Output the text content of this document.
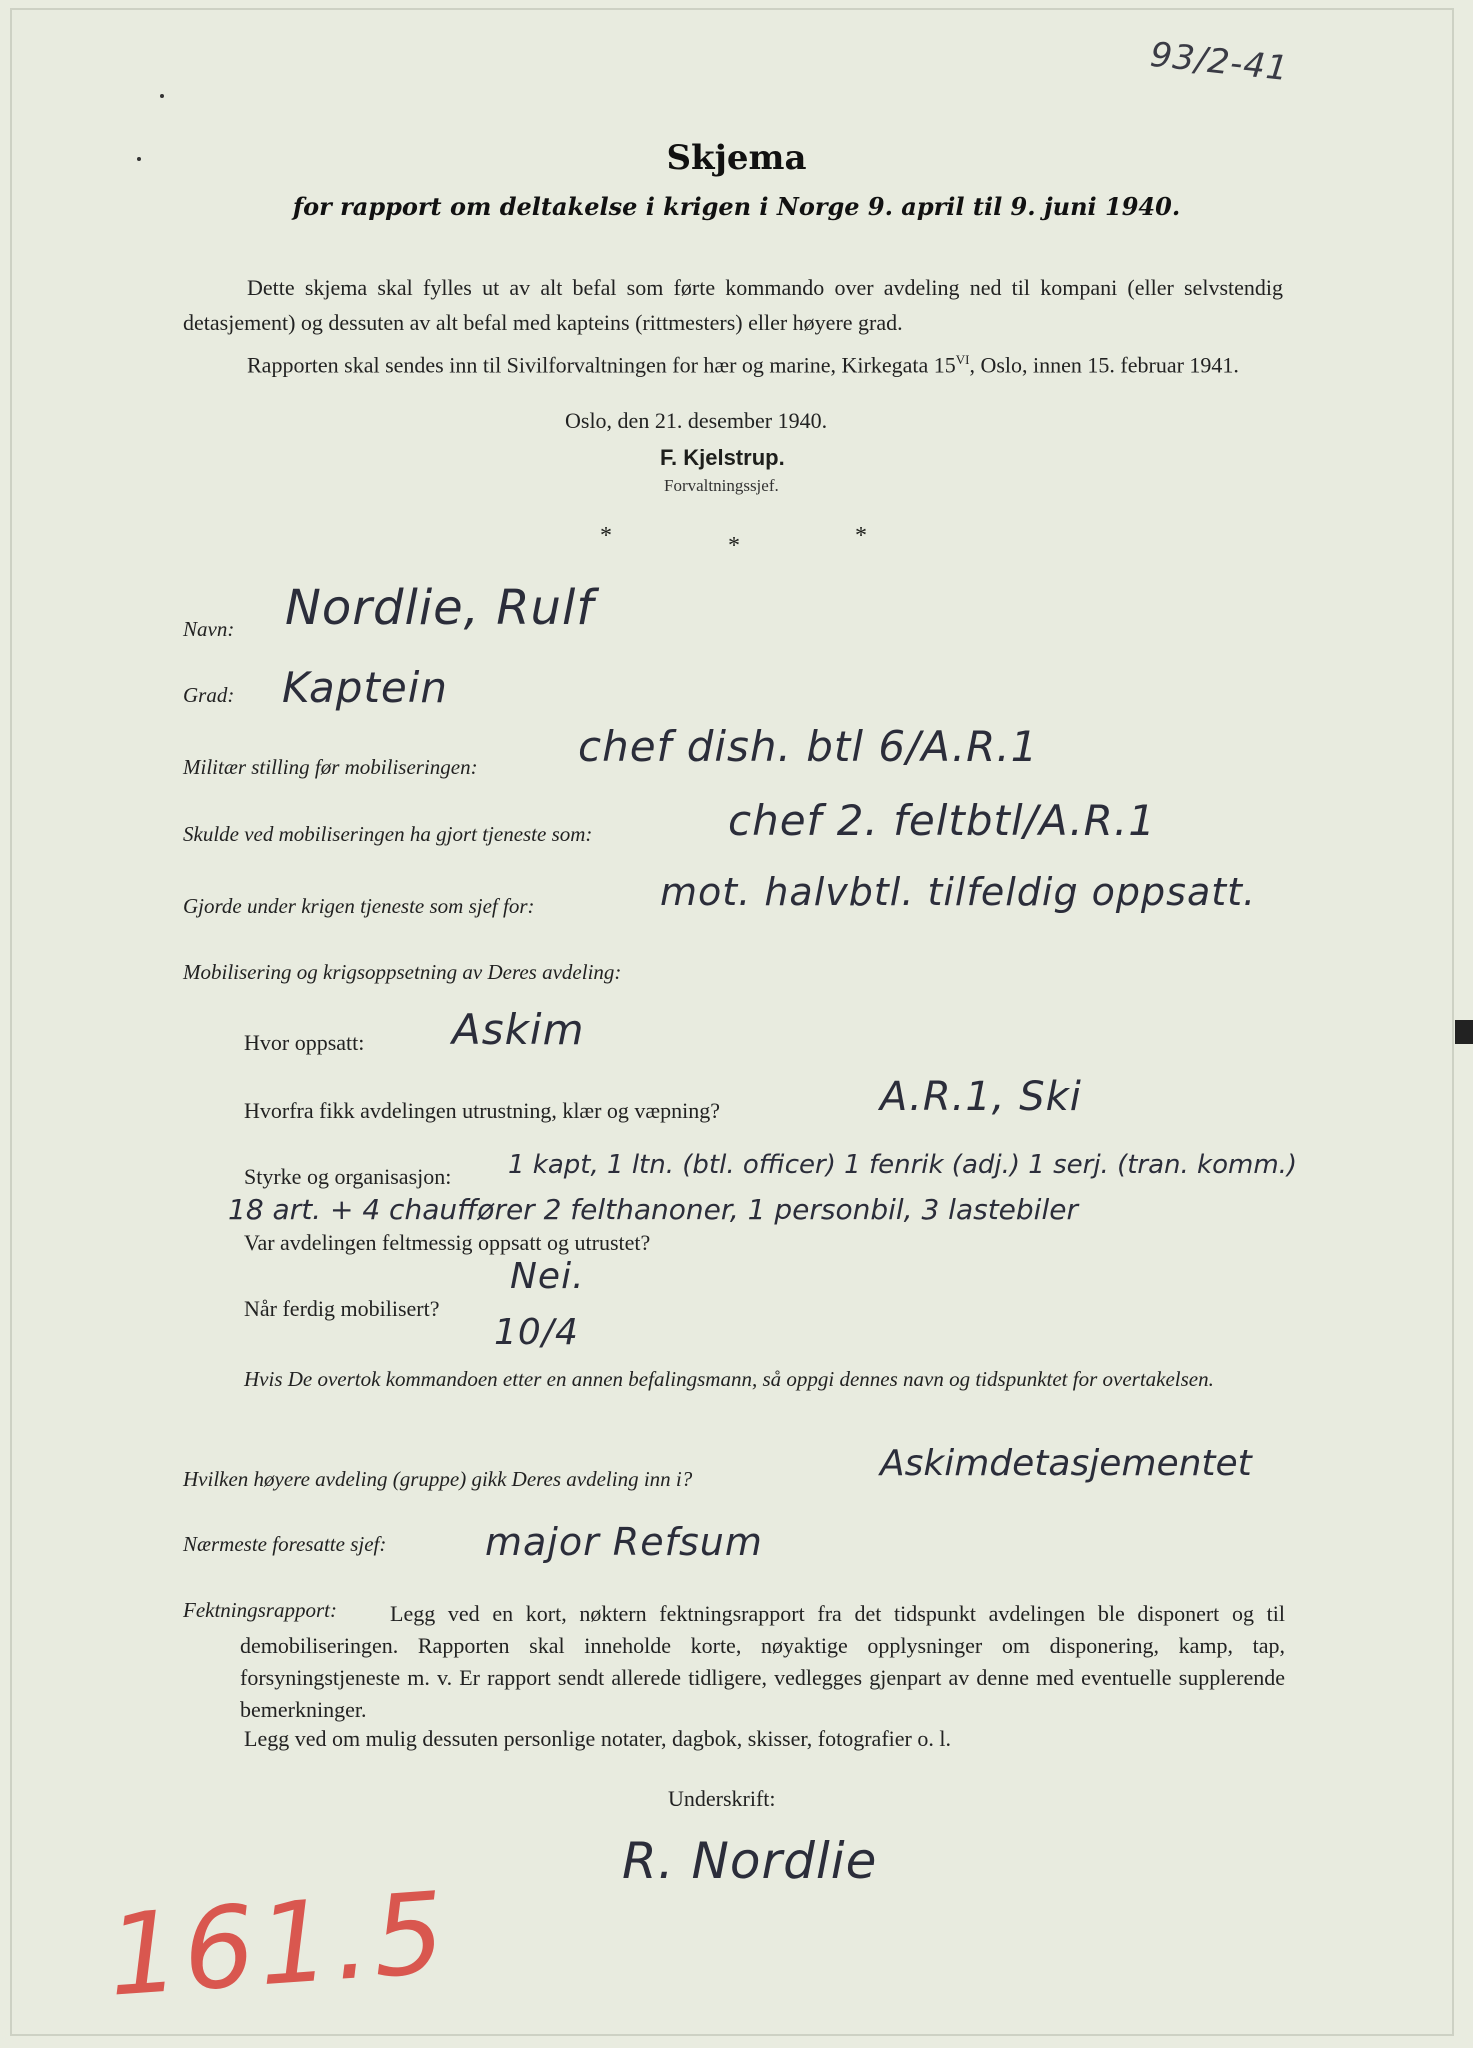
93/2-41
Skjema
for rapport om deltakelse i krigen i Norge 9. april til 9. juni 1940.
Dette skjema skal fylles ut av alt befal som førte kommando over avdeling ned til kompani (eller selvstendig detasjement) og dessuten av alt befal med kapteins (rittmesters) eller høyere grad.
Rapporten skal sendes inn til Sivilforvaltningen for hær og marine, Kirkegata $15^{VI}$, Oslo, innen 15. februar 1941.
Oslo, den 21. desember 1940.
F. Kjelstrup.
Forvaltningssjef.
*	*	*
Navn: Nordlie, Rulf
Grad: Kaptein
Militær stilling før mobiliseringen: chef dish. btl 6/A.R.1
Skulde ved mobiliseringen ha gjort tjeneste som:	chef 2. feltbtl/A.R.1
Gjorde under krigen tjeneste som sjef for:	mot. halvbtl. tilfeldig oppsatt.
Mobilisering og krigsoppsetning av Deres avdeling:
Hvor oppsatt: Askim
Hvorfra fikk avdelingen utrustning, klær og væpning?	A.R.1, Ski
Styrke og organisasjon: 1 kapt, 1 ltn. (btl. officer) 1 fenrik (adj.) 1 serj. (tran. komm.)
18 art. + 4 chauffører 2 felthanoner, 1 personbil, 3 lastebiler
Var avdelingen feltmessig oppsatt og utrustet?
Nei.
Når ferdig mobilisert?
10/4
Hvis De overtok kommandoen etter en annen befalingsmann, så oppgi dennes navn og tidspunktet for overtakelsen.
Hvilken høyere avdeling (gruppe) gikk Deres avdeling inn i?	Askimdetasjementet
Nærmeste foresatte sjef:	major Refsum
Fektningsrapport:	Legg ved en kort, nøktern fektningsrapport fra det tidspunkt avdelingen ble disponert og til demobiliseringen. Rapporten skal inneholde korte, nøyaktige opplysninger om disponering, kamp, tap, forsyningstjeneste m. v. Er rapport sendt allerede tidligere, vedlegges gjenpart av denne med eventuelle supplerende bemerkninger.
Legg ved om mulig dessuten personlige notater, dagbok, skisser, fotografier o. l.
Underskrift:
R. Nordlie
161.5
